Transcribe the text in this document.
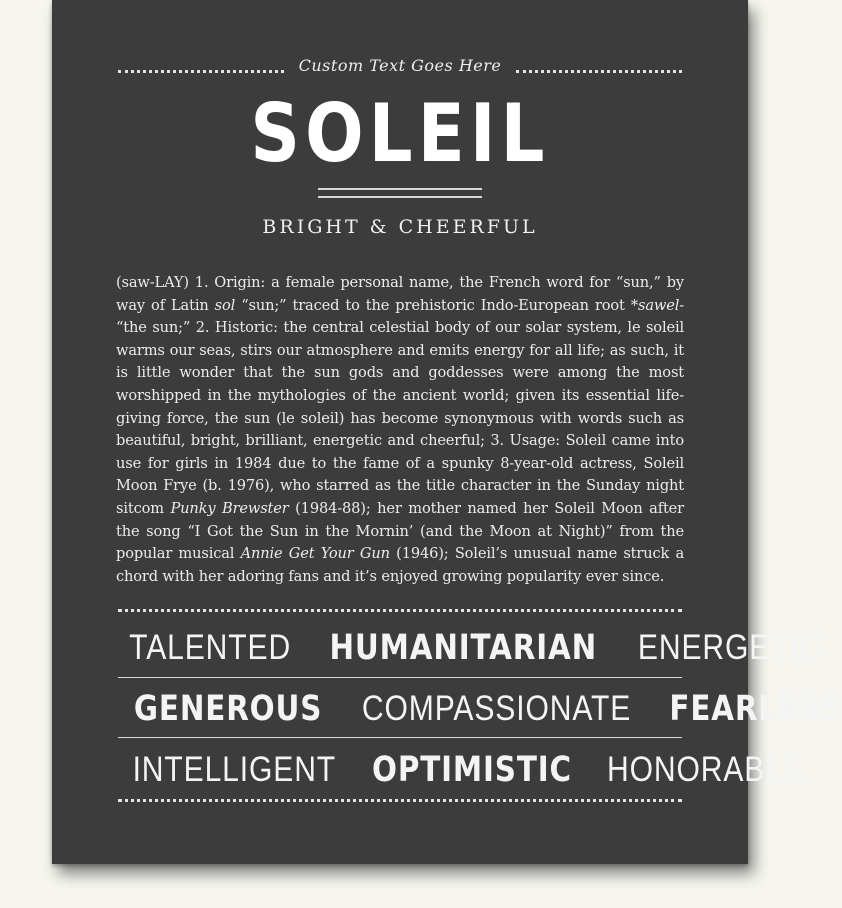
Custom Text Goes Here
SOLEIL
BRIGHT & CHEERFUL
(saw-LAY) 1. Origin: a female personal name, the French word for “sun,” by way of Latin sol “sun;” traced to the prehistoric Indo-European root *sawel- “the sun;” 2. Historic: the central celestial body of our solar system, le soleil warms our seas, stirs our atmosphere and emits energy for all life; as such, it is little wonder that the sun gods and goddesses were among the most worshipped in the mythologies of the ancient world; given its essential life-giving force, the sun (le soleil) has become synonymous with words such as beautiful, bright, brilliant, energetic and cheerful; 3. Usage: Soleil came into use for girls in 1984 due to the fame of a spunky 8-year-old actress, Soleil Moon Frye (b. 1976), who starred as the title character in the Sunday night sitcom Punky Brewster (1984-88); her mother named her Soleil Moon after the song “I Got the Sun in the Mornin’ (and the Moon at Night)” from the popular musical Annie Get Your Gun (1946); Soleil’s unusual name struck a chord with her adoring fans and it’s enjoyed growing popularity ever since.
TALENTED HUMANITARIAN ENERGETIC
GENEROUS COMPASSIONATE FEARLESS
INTELLIGENT OPTIMISTIC HONORABLE
